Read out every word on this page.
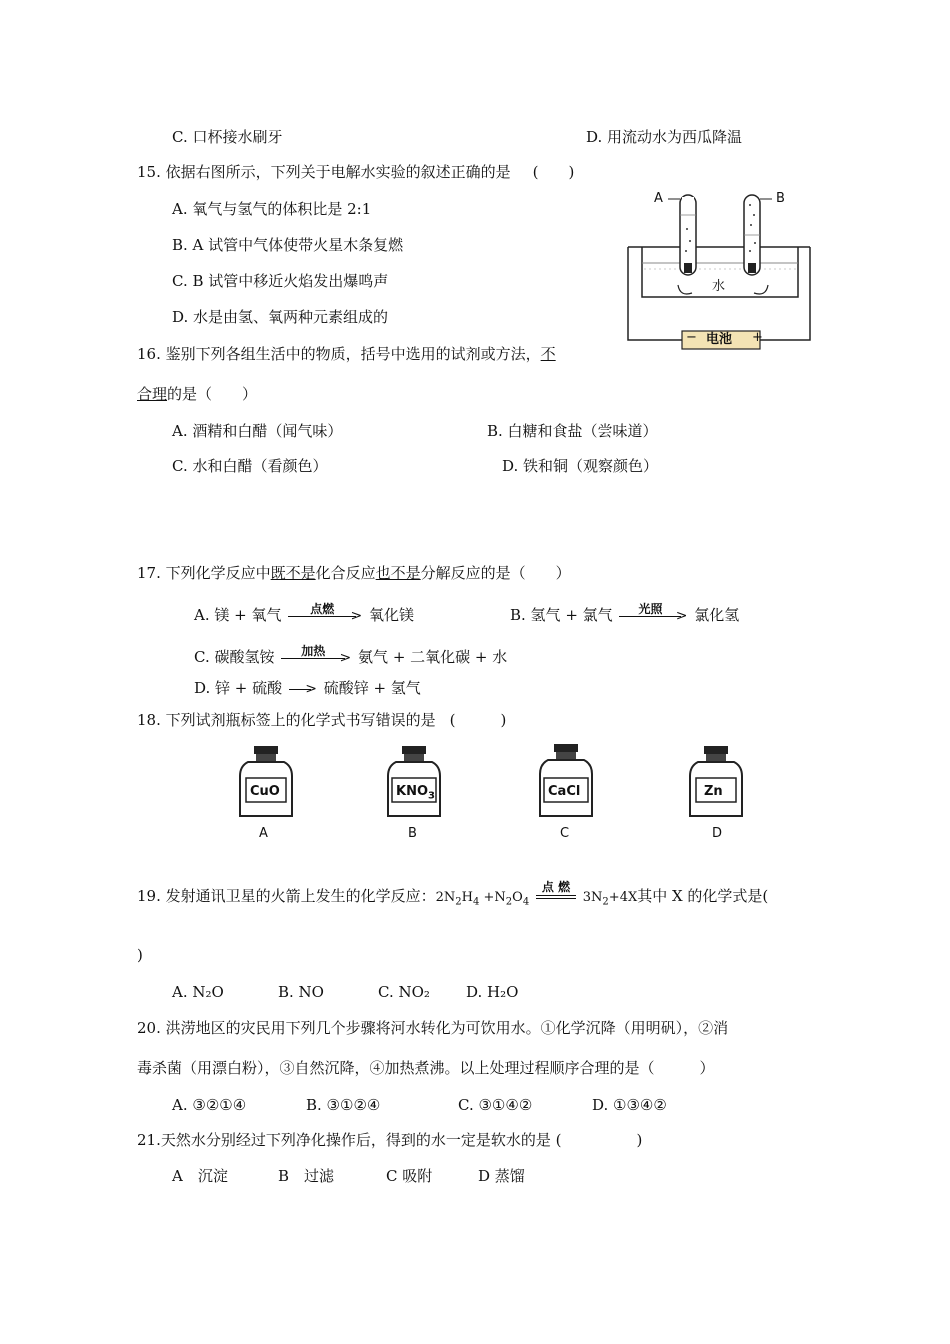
C. 口杯接水刷牙	D. 用流动水为西瓜降温
15. 依据右图所示，下列关于电解水实验的叙述正确的是 (　　)
A. 氧气与氢气的体积比是 2:1
B. A 试管中气体使带火星木条复燃
C. B 试管中移近火焰发出爆鸣声
D. 水是由氢、氧两种元素组成的
A	B
水
电池
−	+
16. 鉴别下列各组生活中的物质，括号中选用的试剂或方法，不
合理的是（　　）
A. 酒精和白醋（闻气味）	B. 白糖和食盐（尝味道）
C. 水和白醋（看颜色）	D. 铁和铜（观察颜色）
17. 下列化学反应中既不是化合反应也不是分解反应的是（　　）
A. 镁 + 氧气	点燃	> 氧化镁	B. 氢气 + 氯气	光照 > 氯化氢
C. 碳酸氢铵	加热	> 氨气 + 二氧化碳 + 水
D. 锌 + 硫酸 > 硫酸锌 + 氢气
18. 下列试剂瓶标签上的化学式书写错误的是 (　　　)
CuO
A
$KNO_3$
B
CaCl
C
Zn
D
19. 发射通讯卫星的火箭上发生的化学反应：$2N_2H_4 +N_2O_4$
点 燃
$3N_2+4X$其中 X 的化学式是(
)
A. N₂O	B. NO	C. NO₂ D. H₂O
20. 洪涝地区的灾民用下列几个步骤将河水转化为可饮用水。①化学沉降（用明矾），②消
毒杀菌（用漂白粉），③自然沉降，④加热煮沸。以上处理过程顺序合理的是（　　　）
A. ③②①④	B. ③①②④	C. ③①④②	D. ①③④②
21.天然水分别经过下列净化操作后，得到的水一定是软水的是 (　　　　　)
A　沉淀	B　过滤	C 吸附	D 蒸馏
